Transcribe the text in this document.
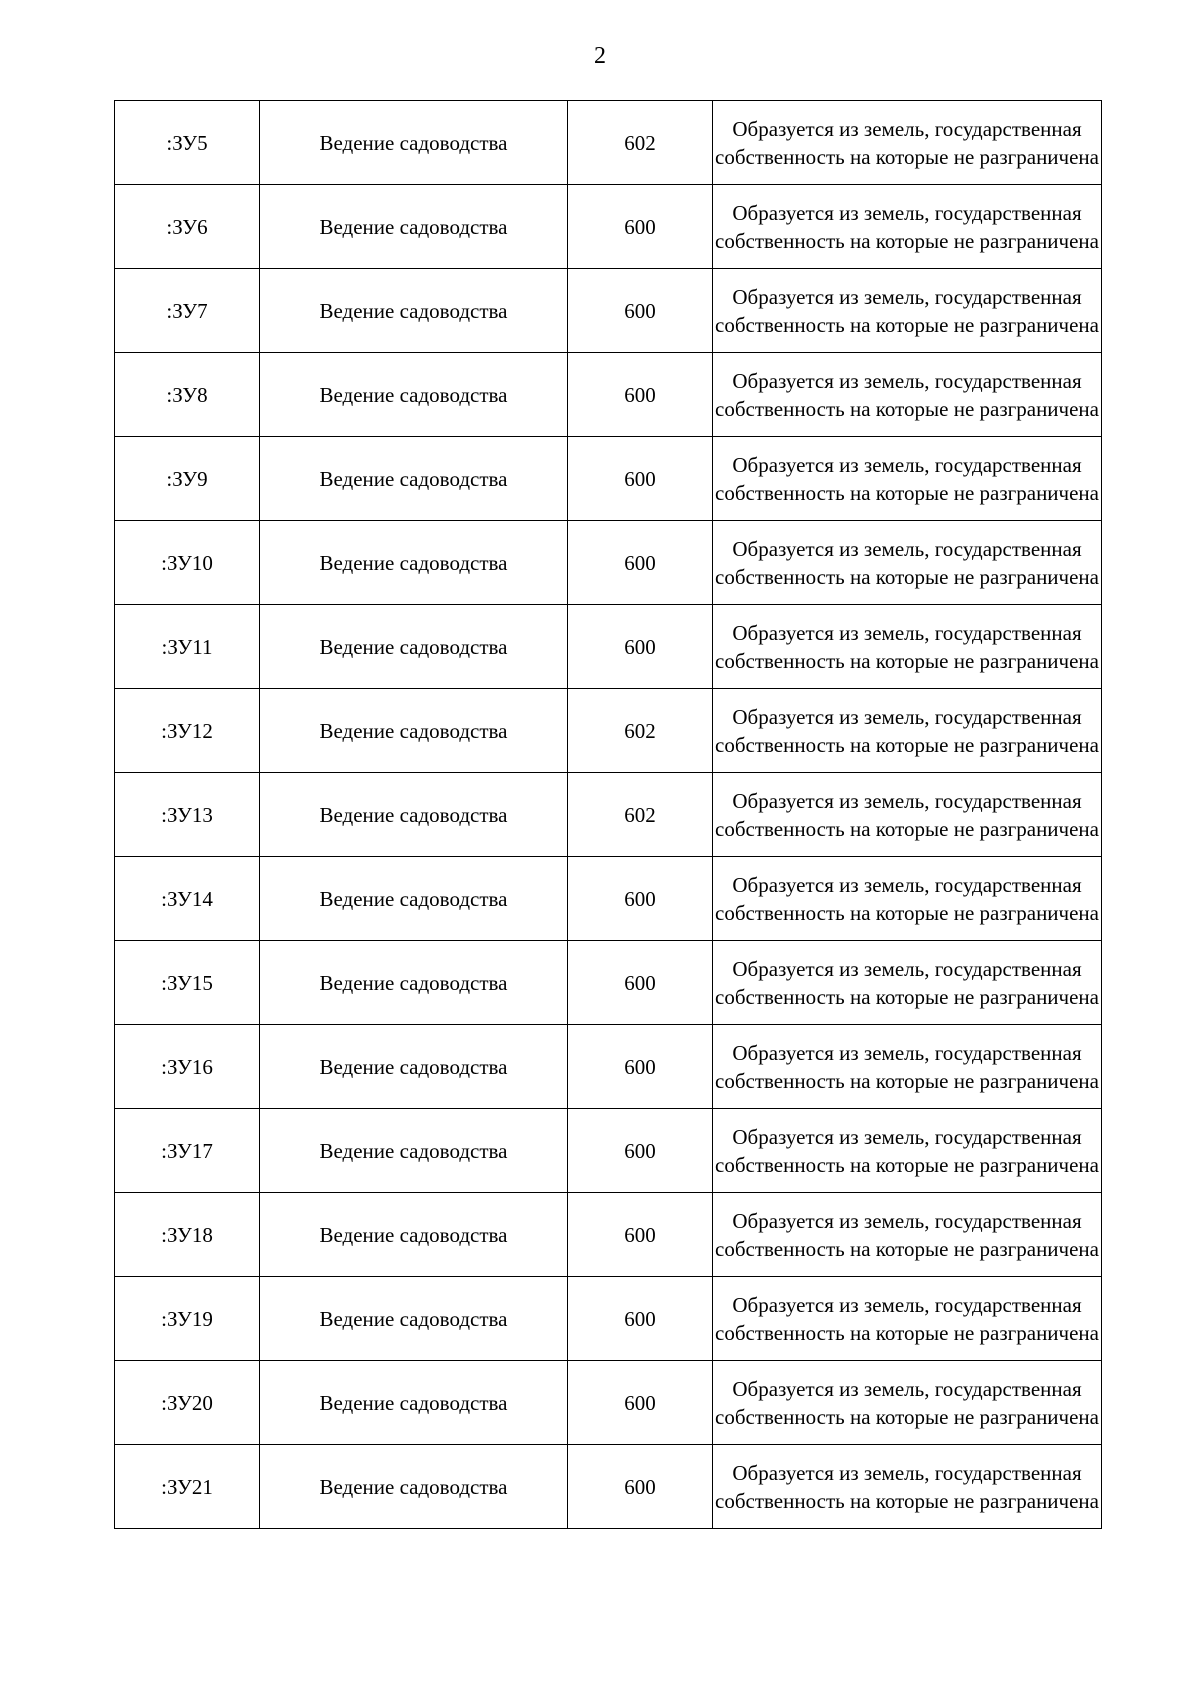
2
:ЗУ5	Ведение садоводства	602	Образуется из земель, государственная собственность на которые не разграничена
:ЗУ6	Ведение садоводства	600	Образуется из земель, государственная собственность на которые не разграничена
:ЗУ7	Ведение садоводства	600	Образуется из земель, государственная собственность на которые не разграничена
:ЗУ8	Ведение садоводства	600	Образуется из земель, государственная собственность на которые не разграничена
:ЗУ9	Ведение садоводства	600	Образуется из земель, государственная собственность на которые не разграничена
:ЗУ10	Ведение садоводства	600	Образуется из земель, государственная собственность на которые не разграничена
:ЗУ11	Ведение садоводства	600	Образуется из земель, государственная собственность на которые не разграничена
:ЗУ12	Ведение садоводства	602	Образуется из земель, государственная собственность на которые не разграничена
:ЗУ13	Ведение садоводства	602	Образуется из земель, государственная собственность на которые не разграничена
:ЗУ14	Ведение садоводства	600	Образуется из земель, государственная собственность на которые не разграничена
:ЗУ15	Ведение садоводства	600	Образуется из земель, государственная собственность на которые не разграничена
:ЗУ16	Ведение садоводства	600	Образуется из земель, государственная собственность на которые не разграничена
:ЗУ17	Ведение садоводства	600	Образуется из земель, государственная собственность на которые не разграничена
:ЗУ18	Ведение садоводства	600	Образуется из земель, государственная собственность на которые не разграничена
:ЗУ19	Ведение садоводства	600	Образуется из земель, государственная собственность на которые не разграничена
:ЗУ20	Ведение садоводства	600	Образуется из земель, государственная собственность на которые не разграничена
:ЗУ21	Ведение садоводства	600	Образуется из земель, государственная собственность на которые не разграничена
